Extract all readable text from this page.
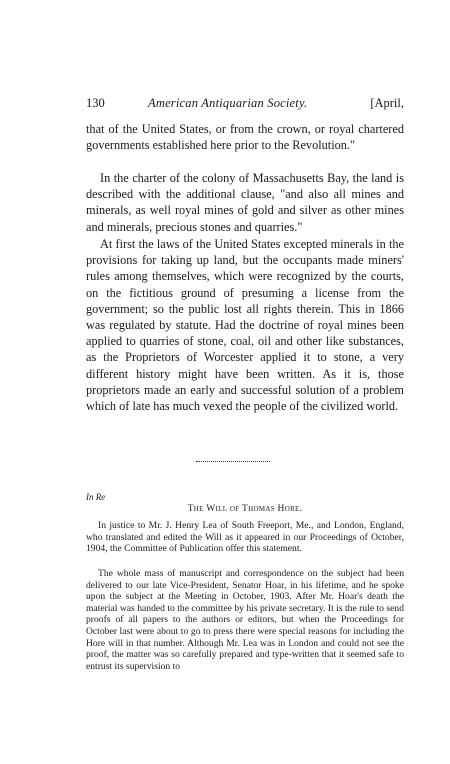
130	American Antiquarian Society.	[April,

that of the United States, or from the crown, or royal chartered governments established here prior to the Revolution."

In the charter of the colony of Massachusetts Bay, the land is described with the additional clause, "and also all mines and minerals, as well royal mines of gold and silver as other mines and minerals, precious stones and quarries."

At first the laws of the United States excepted minerals in the provisions for taking up land, but the occupants made miners' rules among themselves, which were recognized by the courts, on the fictitious ground of presuming a license from the government; so the public lost all rights therein. This in 1866 was regulated by statute. Had the doctrine of royal mines been applied to quarries of stone, coal, oil and other like substances, as the Proprietors of Worcester applied it to stone, a very different history might have been written. As it is, those proprietors made an early and successful solution of a problem which of late has much vexed the people of the civilized world.

In Re
The Will of Thomas Hore.

In justice to Mr. J. Henry Lea of South Freeport, Me., and London, England, who translated and edited the Will as it appeared in our Proceedings of October, 1904, the Committee of Publication offer this statement.

The whole mass of manuscript and correspondence on the subject had been delivered to our late Vice-President, Senator Hoar, in his lifetime, and he spoke upon the subject at the Meeting in October, 1903. After Mr. Hoar's death the material was handed to the committee by his private secretary. It is the rule to send proofs of all papers to the authors or editors, but when the Proceedings for October last were about to go to press there were special reasons for including the Hore will in that number. Although Mr. Lea was in London and could not see the proof, the matter was so carefully prepared and type-written that it seemed safe to entrust its supervision to
